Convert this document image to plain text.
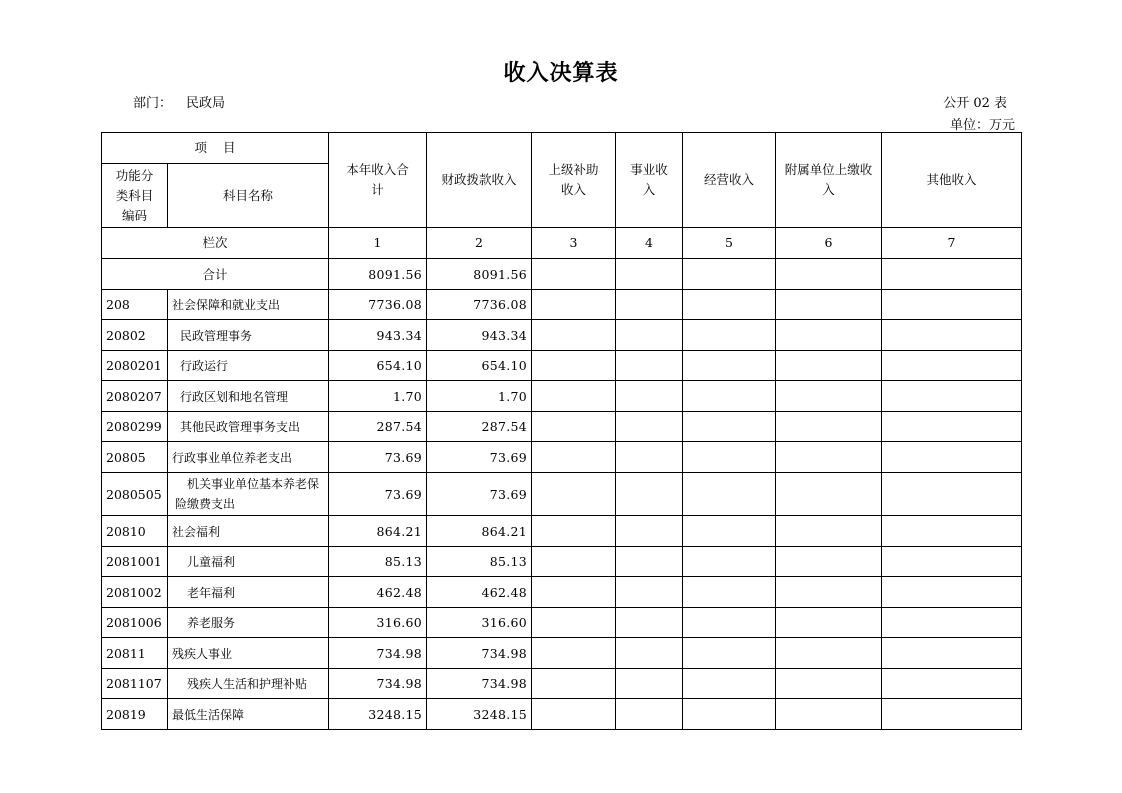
收入决算表
部门： 民政局	公开 02 表
单位：万元
项    目		本年收入合计	财政拨款收入	上级补助收入	事业收入	经营收入	附属单位上缴收入	其他收入
功能分类科目编码	科目名称							
栏次		1	2	3	4	5	6	7
合计		8091.56	8091.56					
208	社会保障和就业支出	7736.08	7736.08					
20802	民政管理事务	943.34	943.34					
2080201	行政运行	654.10	654.10					
2080207	行政区划和地名管理	1.70	1.70					
2080299	其他民政管理事务支出	287.54	287.54					
20805	行政事业单位养老支出	73.69	73.69					
2080505	机关事业单位基本养老保险缴费支出	73.69	73.69					
20810	社会福利	864.21	864.21					
2081001	儿童福利	85.13	85.13					
2081002	老年福利	462.48	462.48					
2081006	养老服务	316.60	316.60					
20811	残疾人事业	734.98	734.98					
2081107	残疾人生活和护理补贴	734.98	734.98					
20819	最低生活保障	3248.15	3248.15					
